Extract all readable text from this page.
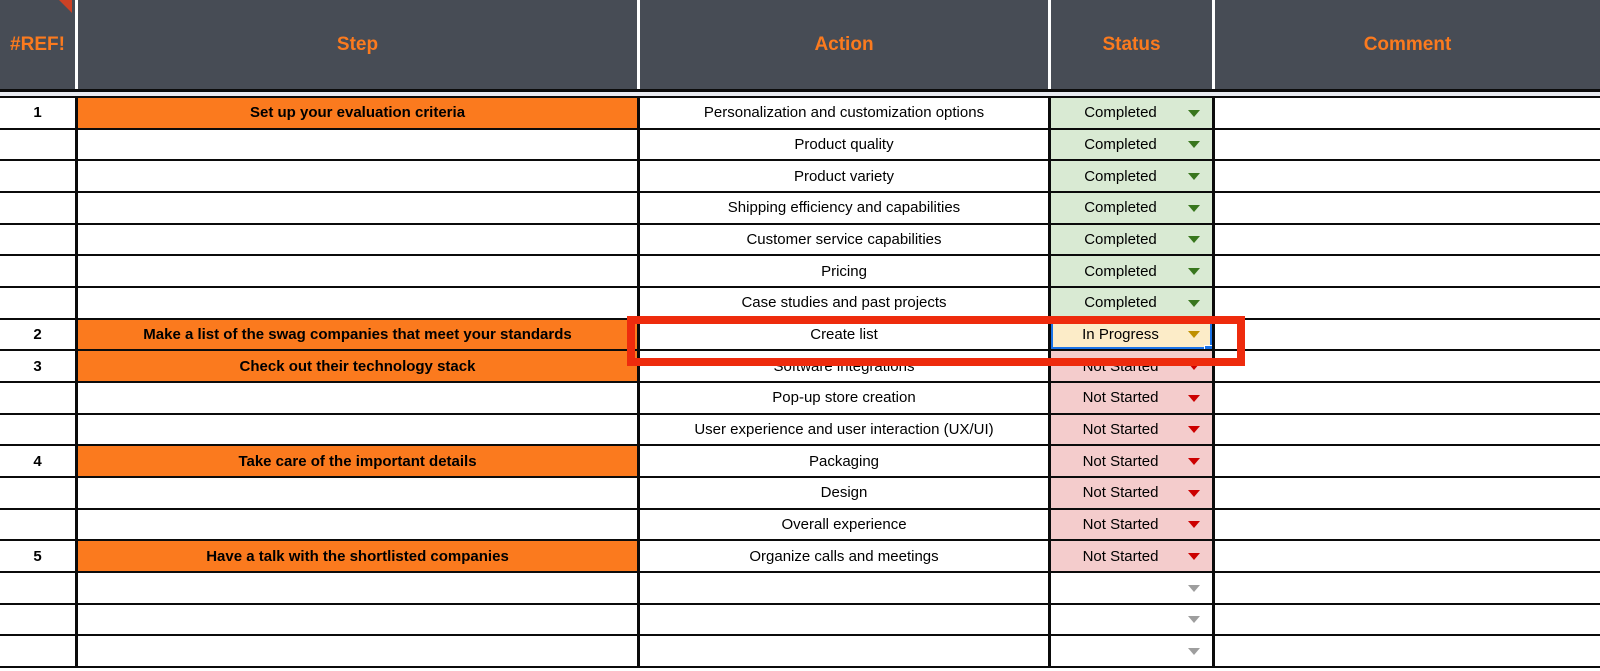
#REF!	Step	Action	Status	Comment
1	Set up your evaluation criteria	Personalization and customization options	Completed
Product quality	Completed
Product variety	Completed
Shipping efficiency and capabilities	Completed
Customer service capabilities	Completed
Pricing	Completed
Case studies and past projects	Completed
2	Make a list of the swag companies that meet your standards	Create list	In Progress
3	Check out their technology stack	Software integrations	Not Started
Pop-up store creation	Not Started
User experience and user interaction (UX/UI)	Not Started
4	Take care of the important details	Packaging	Not Started
Design	Not Started
Overall experience	Not Started
5	Have a talk with the shortlisted companies	Organize calls and meetings	Not Started
